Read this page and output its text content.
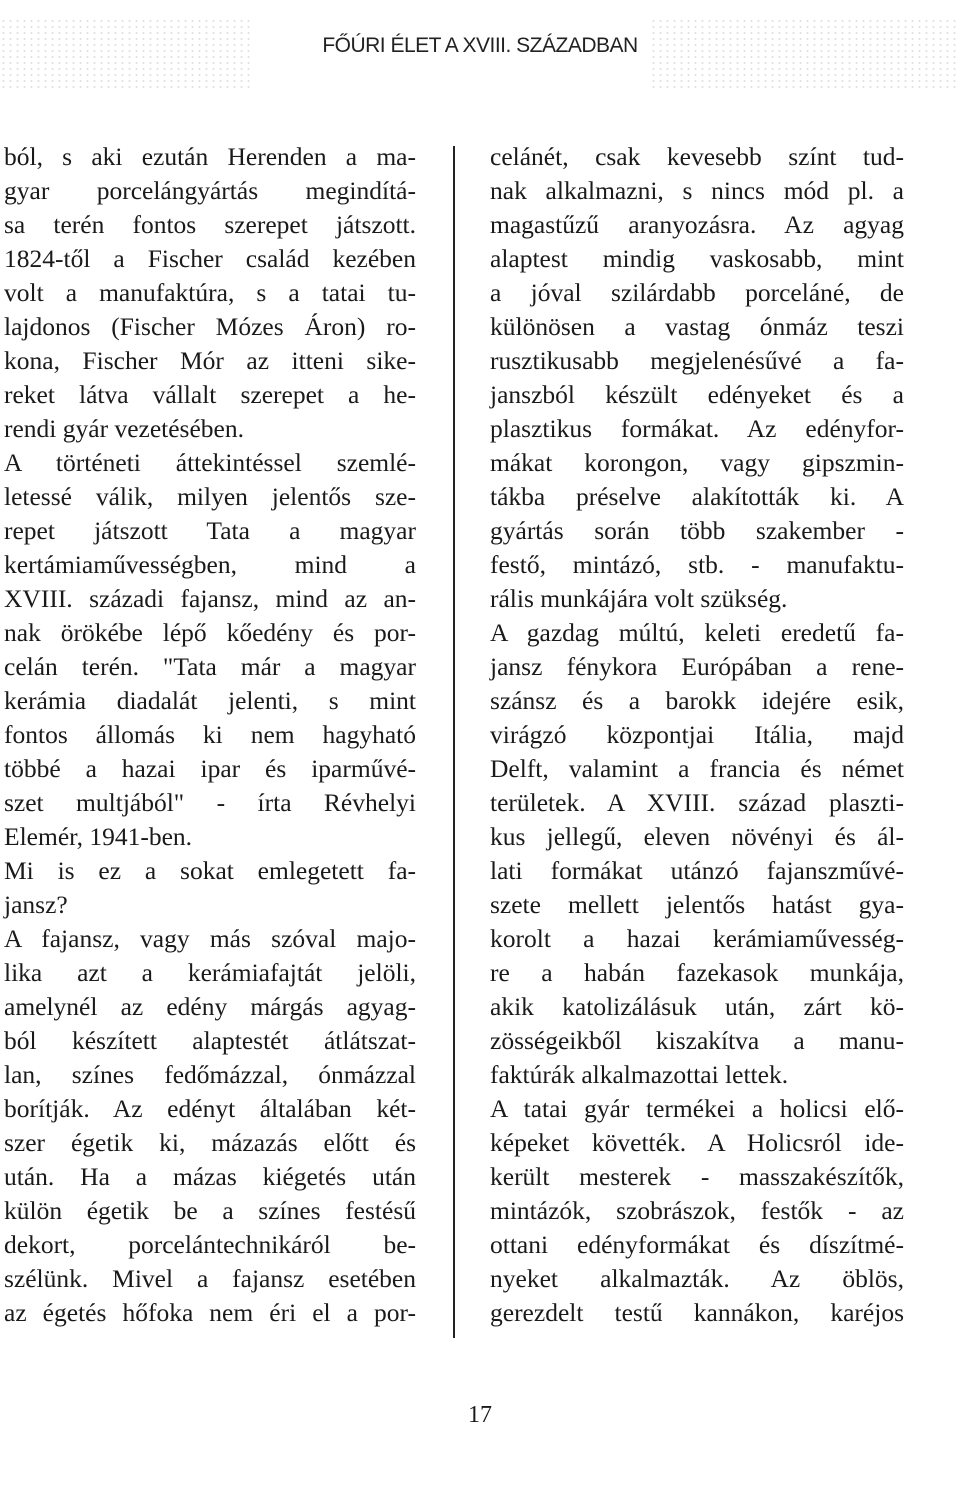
FŐÚRI ÉLET A XVIII. SZÁZADBAN
ból, s aki ezután Herenden a ma-
gyar porcelángyártás megindítá-
sa terén fontos szerepet játszott.
1824-től a Fischer család kezében
volt a manufaktúra, s a tatai tu-
lajdonos (Fischer Mózes Áron) ro-
kona, Fischer Mór az itteni sike-
reket látva vállalt szerepet a he-
rendi gyár vezetésében.
A történeti áttekintéssel szemlé-
letessé válik, milyen jelentős sze-
repet játszott Tata a magyar
kertámiaművességben, mind a
XVIII. századi fajansz, mind az an-
nak örökébe lépő kőedény és por-
celán terén. "Tata már a magyar
kerámia diadalát jelenti, s mint
fontos állomás ki nem hagyható
többé a hazai ipar és iparművé-
szet multjából" - írta Révhelyi
Elemér, 1941-ben.
Mi is ez a sokat emlegetett fa-
jansz?
A fajansz, vagy más szóval majo-
lika azt a kerámiafajtát jelöli,
amelynél az edény márgás agyag-
ból készített alaptestét átlátszat-
lan, színes fedőmázzal, ónmázzal
borítják. Az edényt általában két-
szer égetik ki, mázazás előtt és
után. Ha a mázas kiégetés után
külön égetik be a színes festésű
dekort, porcelántechnikáról be-
szélünk. Mivel a fajansz esetében
az égetés hőfoka nem éri el a por-
celánét, csak kevesebb színt tud-
nak alkalmazni, s nincs mód pl. a
magastűzű aranyozásra. Az agyag
alaptest mindig vaskosabb, mint
a jóval szilárdabb porceláné, de
különösen a vastag ónmáz teszi
rusztikusabb megjelenésűvé a fa-
janszból készült edényeket és a
plasztikus formákat. Az edényfor-
mákat korongon, vagy gipszmin-
tákba préselve alakították ki. A
gyártás során több szakember -
festő, mintázó, stb. - manufaktu-
rális munkájára volt szükség.
A gazdag múltú, keleti eredetű fa-
jansz fénykora Európában a rene-
szánsz és a barokk idejére esik,
virágzó központjai Itália, majd
Delft, valamint a francia és német
területek. A XVIII. század plaszti-
kus jellegű, eleven növényi és ál-
lati formákat utánzó fajanszművé-
szete mellett jelentős hatást gya-
korolt a hazai kerámiaművesség-
re a habán fazekasok munkája,
akik katolizálásuk után, zárt kö-
zösségeikből kiszakítva a manu-
faktúrák alkalmazottai lettek.
A tatai gyár termékei a holicsi elő-
képeket követték. A Holicsról ide-
került mesterek - masszakészítők,
mintázók, szobrászok, festők - az
ottani edényformákat és díszítmé-
nyeket alkalmazták. Az öblös,
gerezdelt testű kannákon, karéjos
17
